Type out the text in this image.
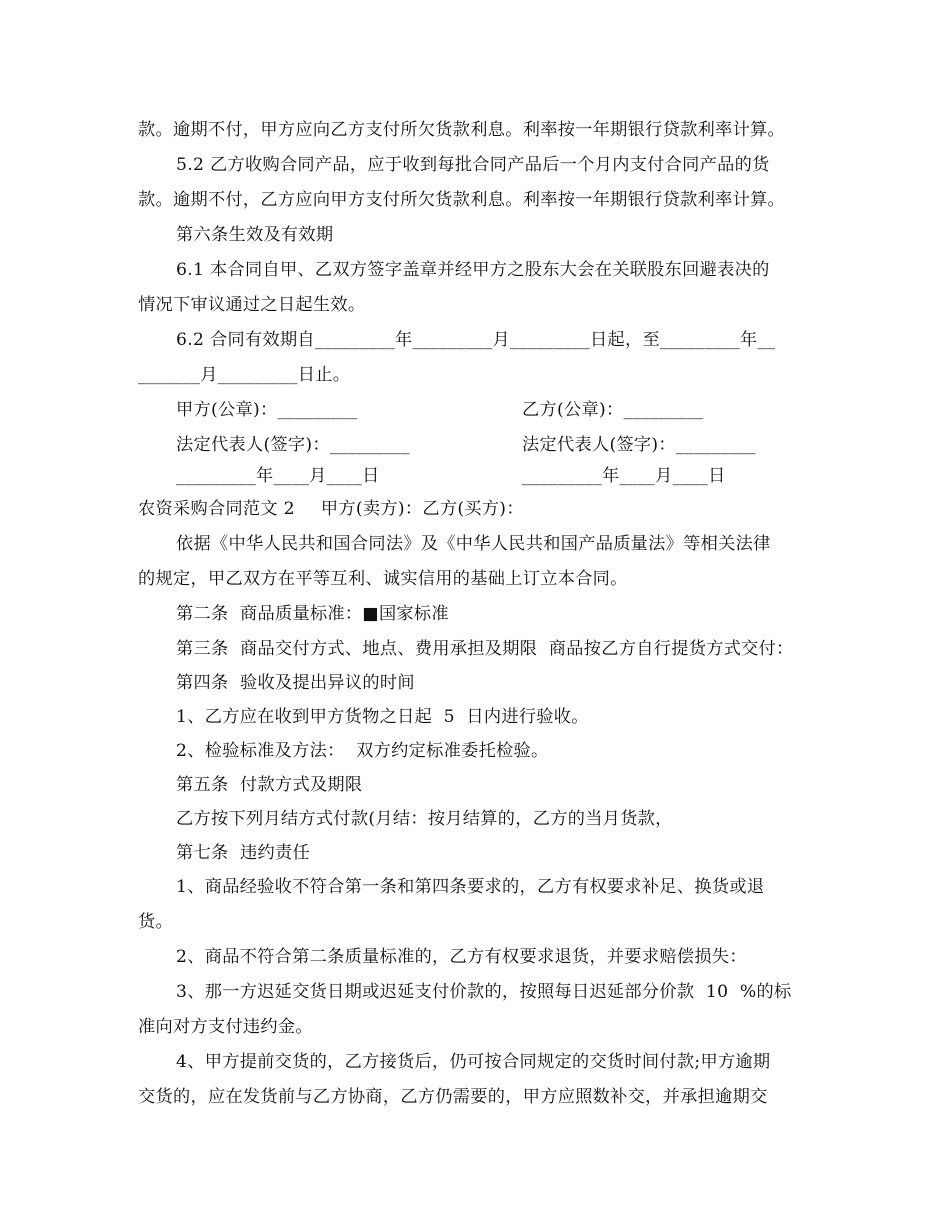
款。逾期不付，甲方应向乙方支付所欠货款利息。利率按一年期银行贷款利率计算。
5.2 乙方收购合同产品，应于收到每批合同产品后一个月内支付合同产品的货
款。逾期不付，乙方应向甲方支付所欠货款利息。利率按一年期银行贷款利率计算。
第六条生效及有效期
6.1 本合同自甲、乙双方签字盖章并经甲方之股东大会在关联股东回避表决的
情况下审议通过之日起生效。
6.2 合同有效期自_________年_________月_________日起，至_________年__
_______月_________日止。
甲方(公章)：_________	乙方(公章)：_________
法定代表人(签字)：_________	法定代表人(签字)：_________
_________年____月____日	_________年____月____日
农资采购合同范文 2 甲方(卖方)：乙方(买方)：
依据《中华人民共和国合同法》及《中华人民共和国产品质量法》等相关法律
的规定，甲乙双方在平等互利、诚实信用的基础上订立本合同。
第二条  商品质量标准：■国家标准
第三条  商品交付方式、地点、费用承担及期限  商品按乙方自行提货方式交付：
第四条  验收及提出异议的时间
1、乙方应在收到甲方货物之日起  5  日内进行验收。
2、检验标准及方法：  双方约定标准委托检验。
第五条  付款方式及期限
乙方按下列月结方式付款(月结：按月结算的，乙方的当月货款，
第七条  违约责任
1、商品经验收不符合第一条和第四条要求的，乙方有权要求补足、换货或退
货。
2、商品不符合第二条质量标准的，乙方有权要求退货，并要求赔偿损失：
3、那一方迟延交货日期或迟延支付价款的，按照每日迟延部分价款  10  %的标
准向对方支付违约金。
4、甲方提前交货的，乙方接货后，仍可按合同规定的交货时间付款;甲方逾期
交货的，应在发货前与乙方协商，乙方仍需要的，甲方应照数补交，并承担逾期交
